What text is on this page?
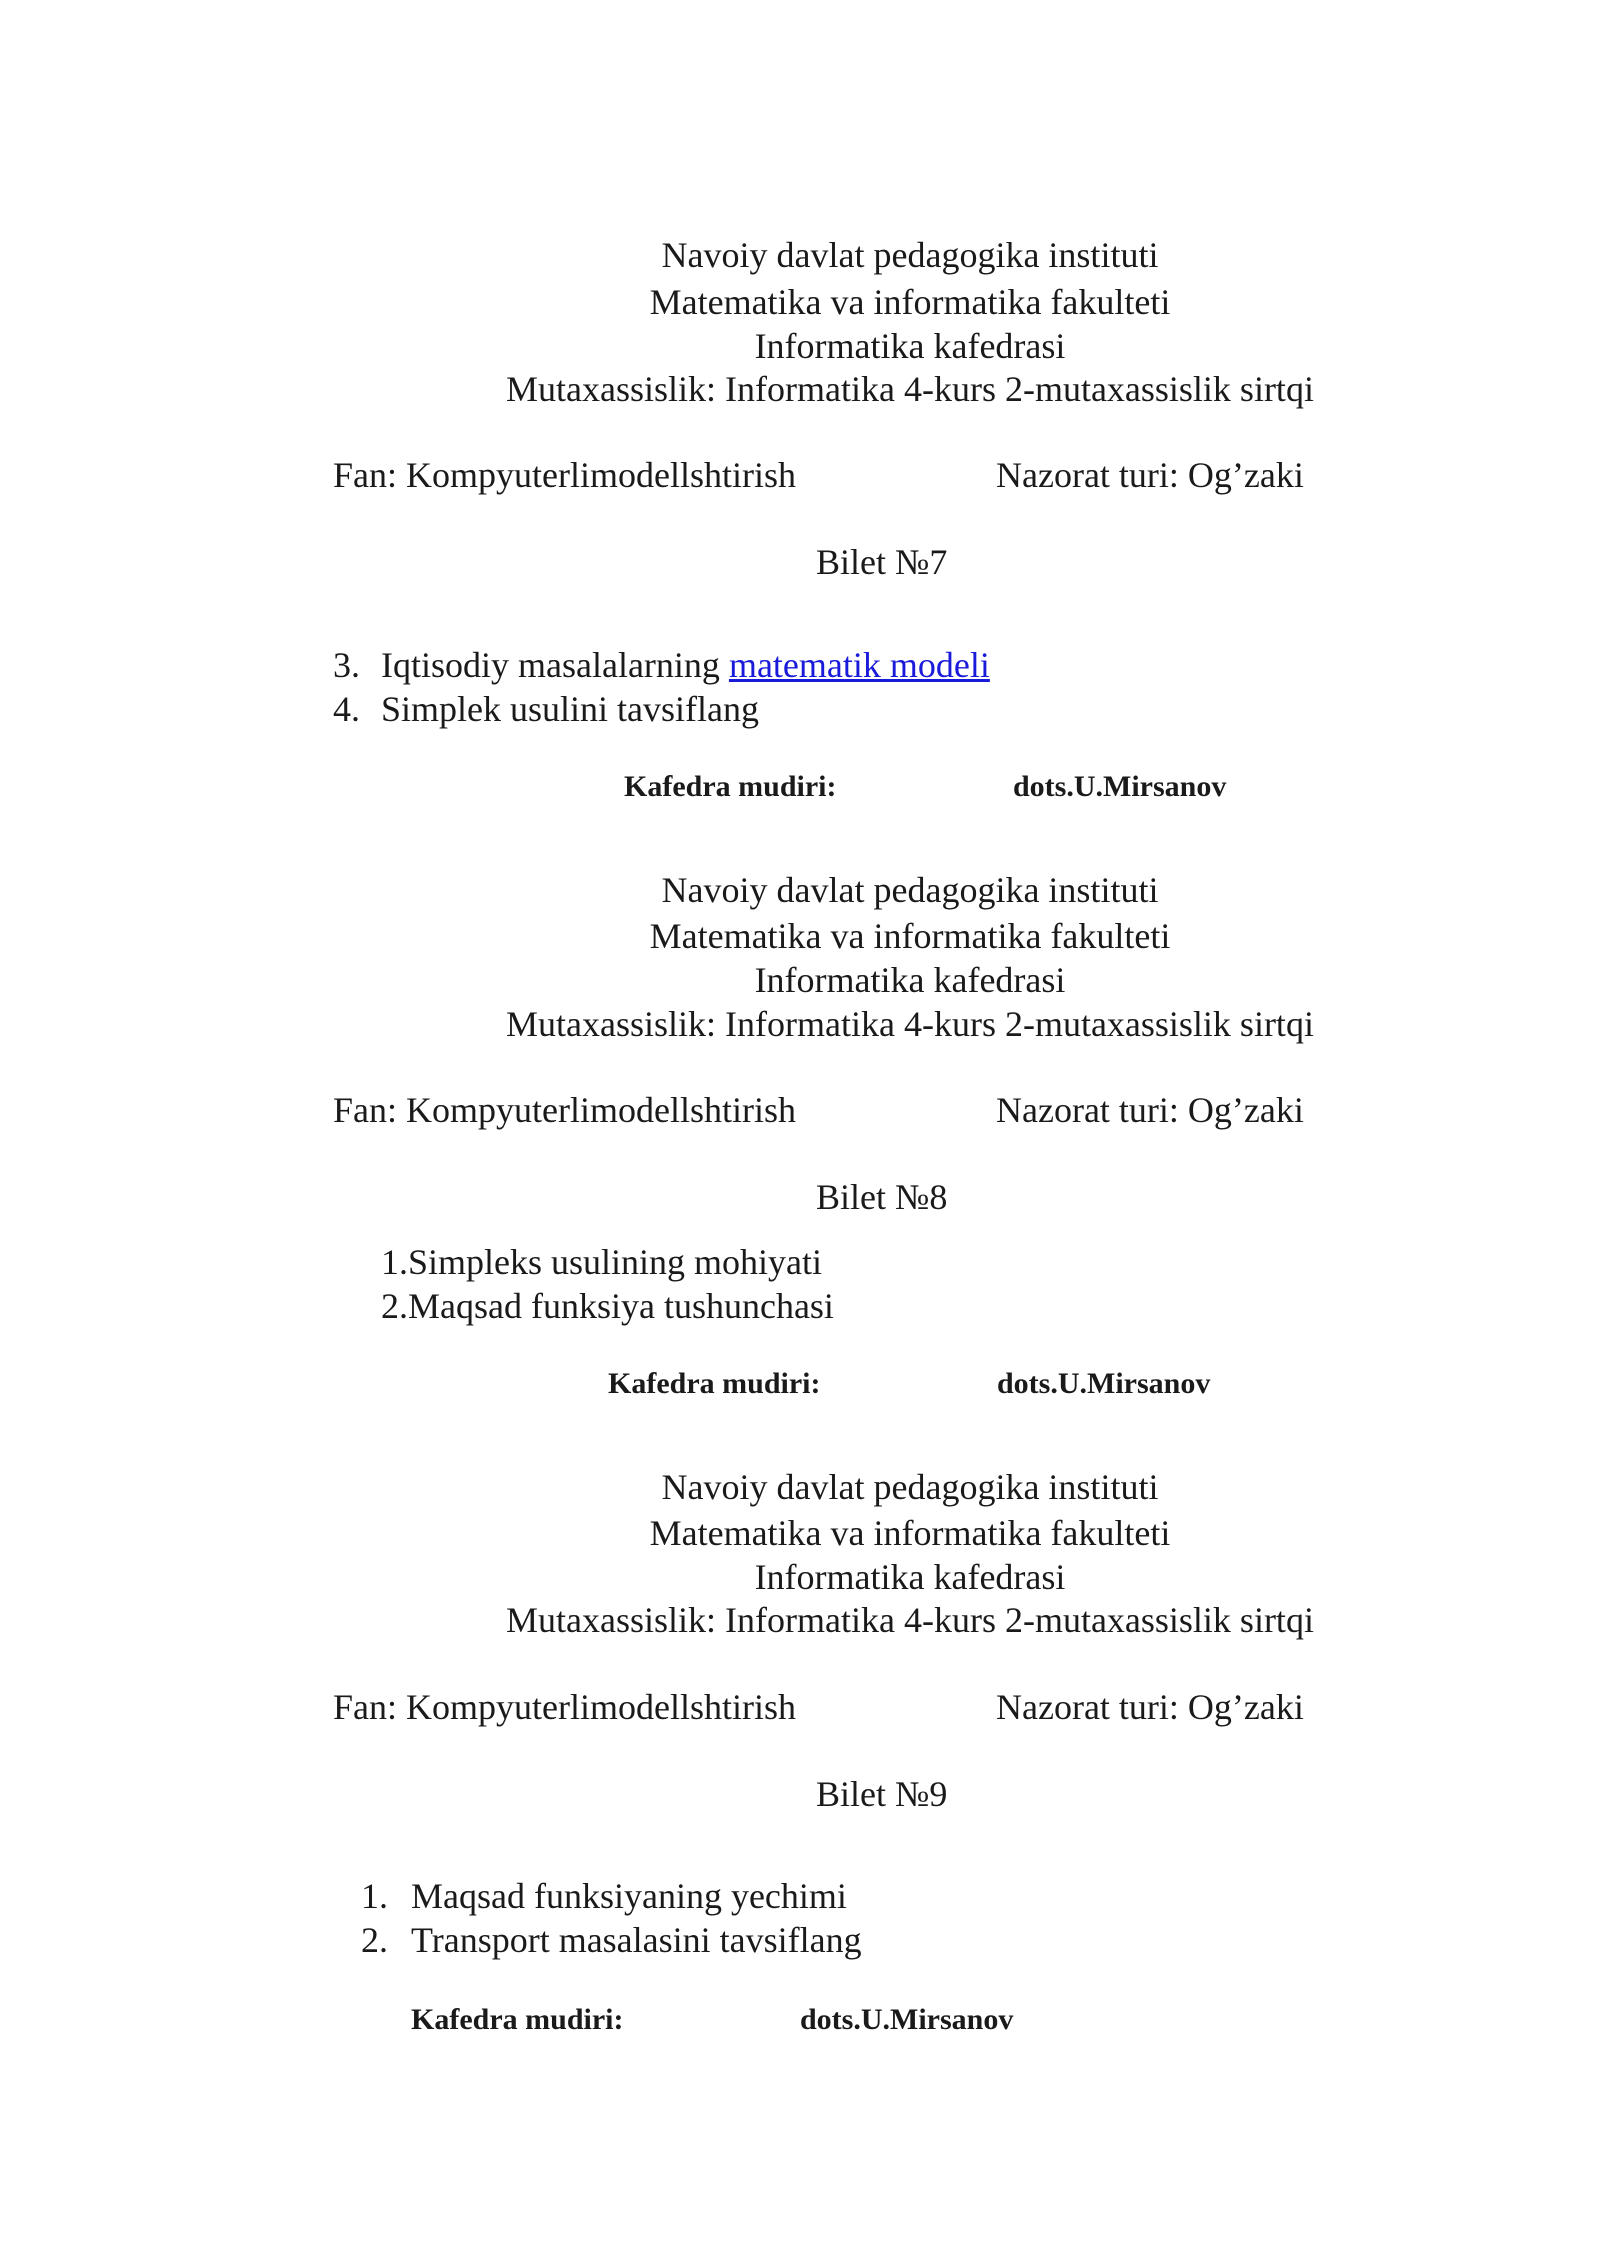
Navoiy davlat pedagogika instituti
Matematika va informatika fakulteti
Informatika kafedrasi
Mutaxassislik: Informatika 4-kurs 2-mutaxassislik sirtqi
Fan: Kompyuterlimodellshtirish	Nazorat turi: Og’zaki
Bilet №7
3. Iqtisodiy masalalarning matematik modeli
4. Simplek usulini tavsiflang
Kafedra mudiri:	dots.U.Mirsanov
Navoiy davlat pedagogika instituti
Matematika va informatika fakulteti
Informatika kafedrasi
Mutaxassislik: Informatika 4-kurs 2-mutaxassislik sirtqi
Fan: Kompyuterlimodellshtirish	Nazorat turi: Og’zaki
Bilet №8
1.Simpleks usulining mohiyati
2.Maqsad funksiya tushunchasi
Kafedra mudiri:	dots.U.Mirsanov
Navoiy davlat pedagogika instituti
Matematika va informatika fakulteti
Informatika kafedrasi
Mutaxassislik: Informatika 4-kurs 2-mutaxassislik sirtqi
Fan: Kompyuterlimodellshtirish	Nazorat turi: Og’zaki
Bilet №9
1. Maqsad funksiyaning yechimi
2. Transport masalasini tavsiflang
Kafedra mudiri:	dots.U.Mirsanov
